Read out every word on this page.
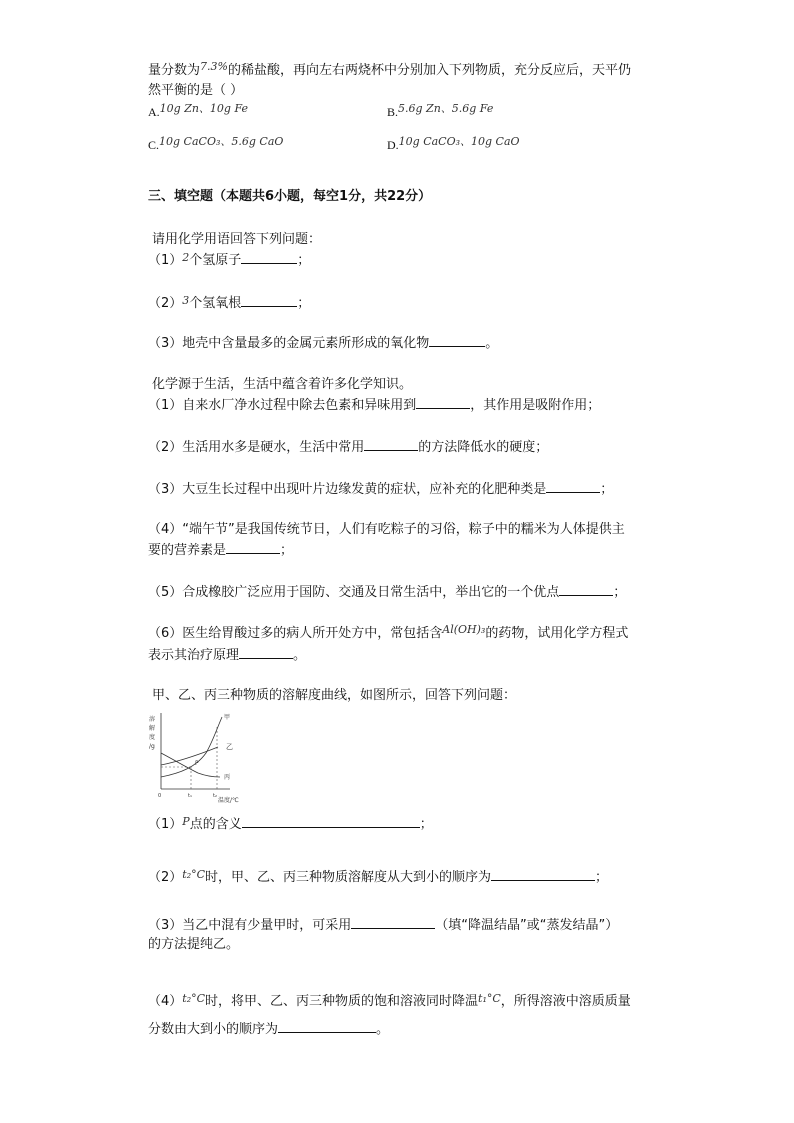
量分数为$^{7.3\%}$的稀盐酸，再向左右两烧杯中分别加入下列物质，充分反应后，天平仍
然平衡的是（ ）
A.10g Zn、10g Fe	B.5.6g Zn、5.6g Fe
C.10g CaCO₃、5.6g CaO	D.10g CaCO₃、10g CaO
三、填空题（本题共6小题，每空1分，共22分）
请用化学用语回答下列问题：
$(1)^2$个氢原子	；
$(2)^3$个氢氧根	；
（3）地壳中含量最多的金属元素所形成的氧化物	。
化学源于生活，生活中蕴含着许多化学知识。
（1）自来水厂净水过程中除去色素和异味用到	，其作用是吸附作用；
（2）生活用水多是硬水，生活中常用	的方法降低水的硬度；
（3）大豆生长过程中出现叶片边缘发黄的症状，应补充的化肥种类是	；
（4）“端午节”是我国传统节日，人们有吃粽子的习俗，粽子中的糯米为人体提供主
要的营养素是	；
（5）合成橡胶广泛应用于国防、交通及日常生活中，举出它的一个优点	；
（6）医生给胃酸过多的病人所开处方中，常包括含$^{Al(OH)_3}$的药物，试用化学方程式
表示其治疗原理	。
甲、乙、丙三种物质的溶解度曲线，如图所示，回答下列问题：
溶
解
度
/g
甲
乙
丙
P
0	t₁	t₂
温度/℃
$(1)^P$点的含义	；
$(2)^{t_2^\circ C}$时，甲、乙、丙三种物质溶解度从大到小的顺序为	；
（3）当乙中混有少量甲时，可采用	（填“降温结晶”或“蒸发结晶”）
的方法提纯乙。
$(4)^{t_2^\circ C}$时，将甲、乙、丙三种物质的饱和溶液同时降温$^{t_1^\circ C}$，所得溶液中溶质质量
分数由大到小的顺序为	。
